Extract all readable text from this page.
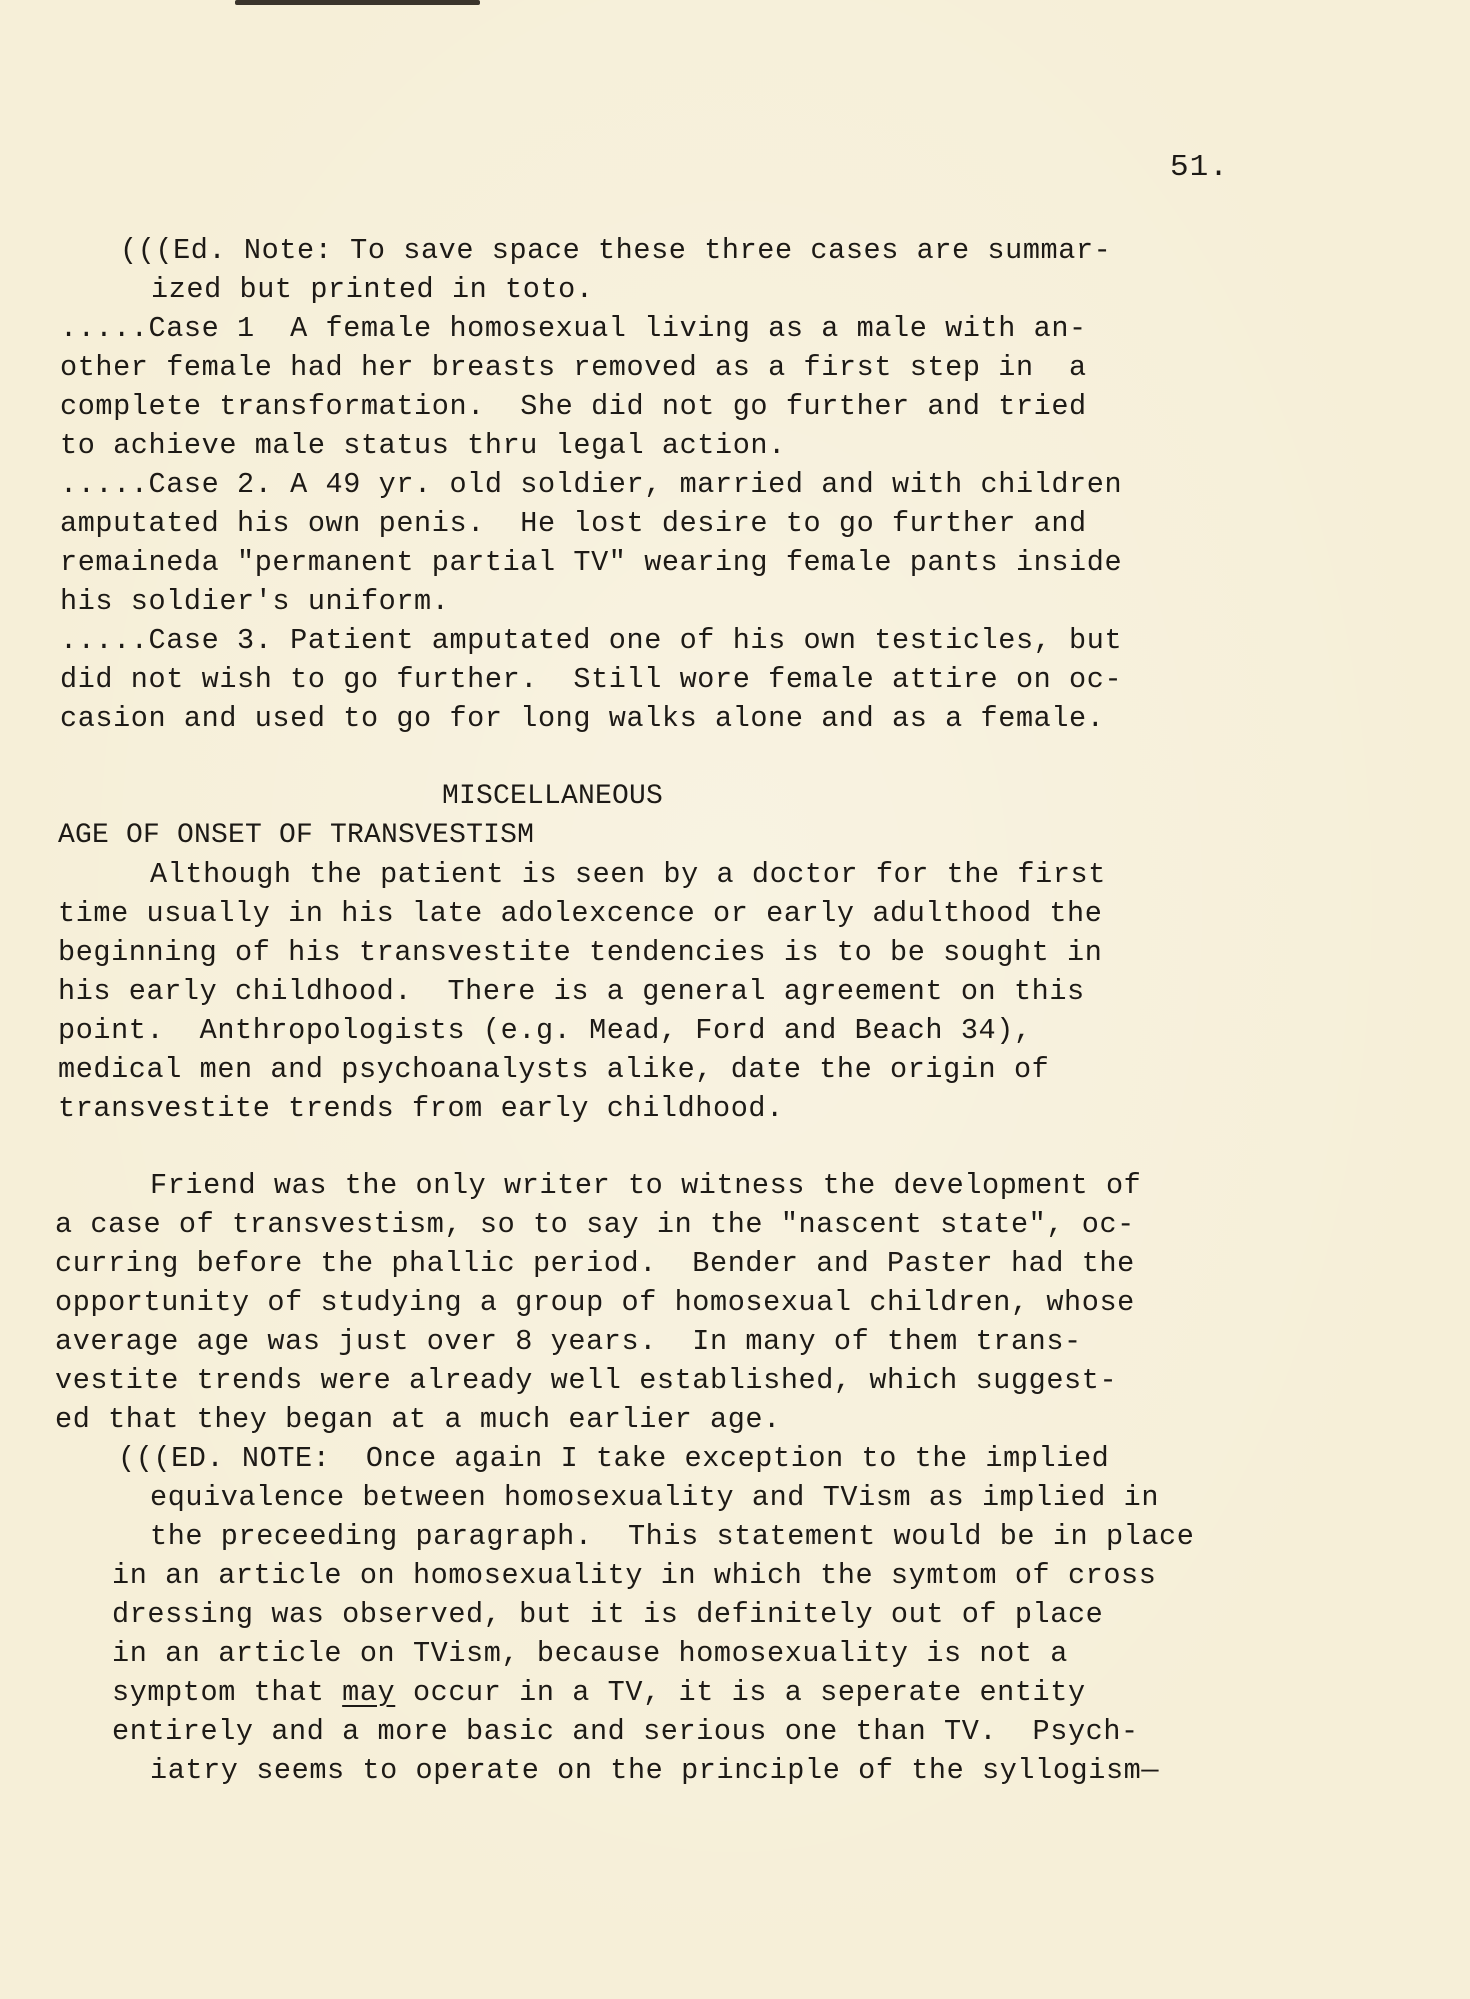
51.
(((Ed. Note: To save space these three cases are summar-
ized but printed in toto.
.....Case 1  A female homosexual living as a male with an-
other female had her breasts removed as a first step in  a
complete transformation.  She did not go further and tried
to achieve male status thru legal action.
.....Case 2. A 49 yr. old soldier, married and with children
amputated his own penis.  He lost desire to go further and
remaineda "permanent partial TV" wearing female pants inside
his soldier's uniform.
.....Case 3. Patient amputated one of his own testicles, but
did not wish to go further.  Still wore female attire on oc-
casion and used to go for long walks alone and as a female.
MISCELLANEOUS
AGE OF ONSET OF TRANSVESTISM
Although the patient is seen by a doctor for the first
time usually in his late adolexcence or early adulthood the
beginning of his transvestite tendencies is to be sought in
his early childhood.  There is a general agreement on this
point.  Anthropologists (e.g. Mead, Ford and Beach 34),
medical men and psychoanalysts alike, date the origin of
transvestite trends from early childhood.
Friend was the only writer to witness the development of
a case of transvestism, so to say in the "nascent state", oc-
curring before the phallic period.  Bender and Paster had the
opportunity of studying a group of homosexual children, whose
average age was just over 8 years.  In many of them trans-
vestite trends were already well established, which suggest-
ed that they began at a much earlier age.
(((ED. NOTE:  Once again I take exception to the implied
equivalence between homosexuality and TVism as implied in
the preceeding paragraph.  This statement would be in place
in an article on homosexuality in which the symtom of cross
dressing was observed, but it is definitely out of place
in an article on TVism, because homosexuality is not a
symptom that may occur in a TV, it is a seperate entity
entirely and a more basic and serious one than TV.  Psych-
iatry seems to operate on the principle of the syllogism—
